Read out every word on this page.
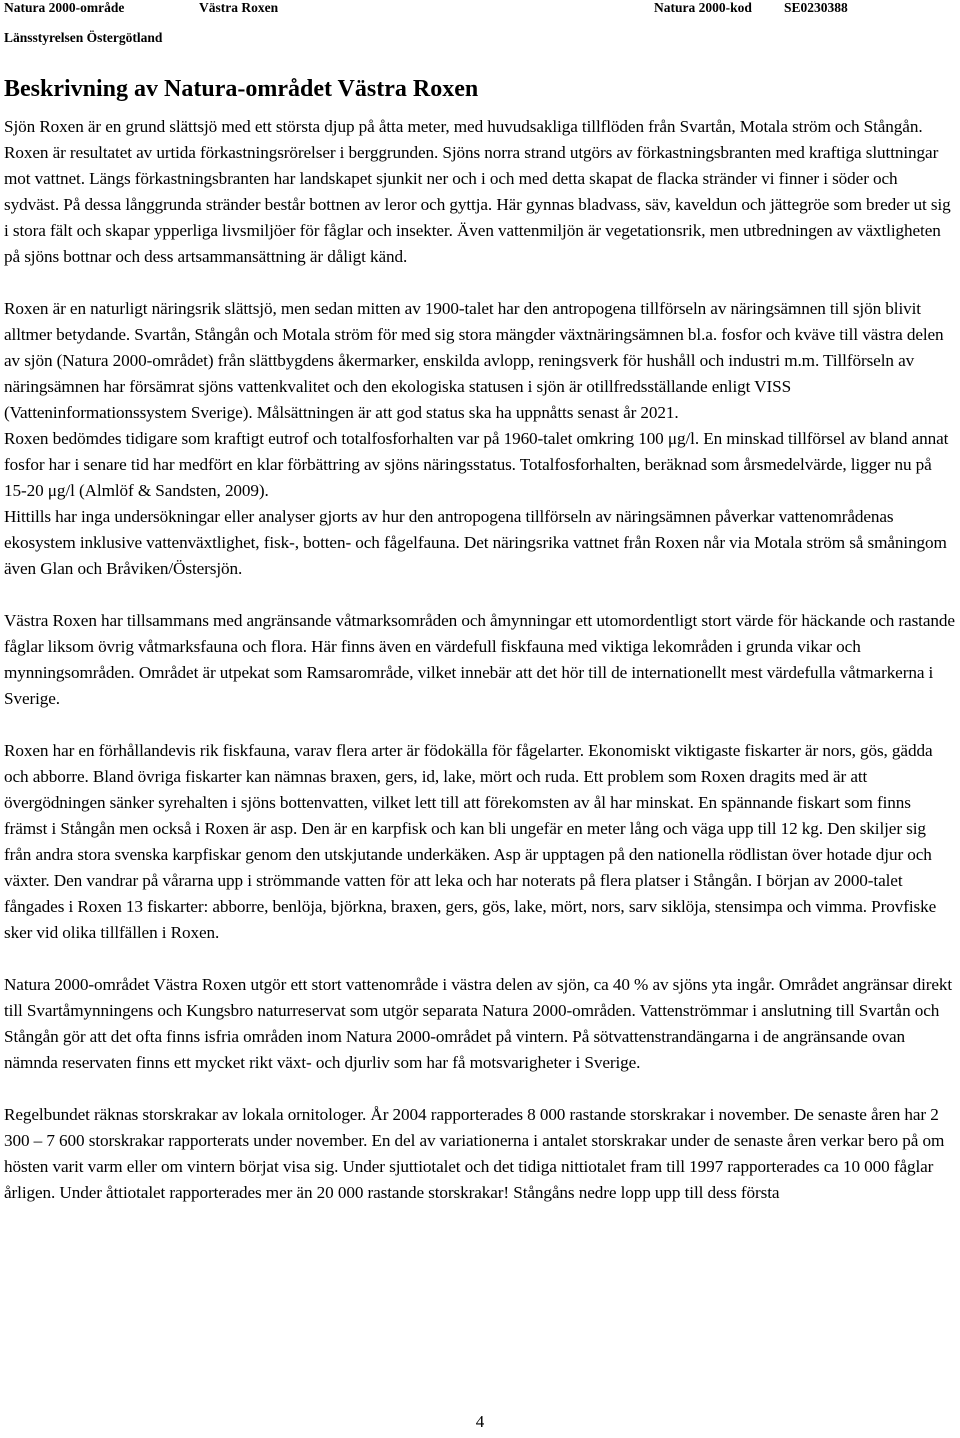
Natura 2000-område	Västra Roxen	Natura 2000-kod SE0230388
Länsstyrelsen Östergötland
Beskrivning av Natura-området Västra Roxen

Sjön Roxen är en grund slättsjö med ett största djup på åtta meter, med huvudsakliga tillflöden från Svartån, Motala ström och Stångån. Roxen är resultatet av urtida förkastningsrörelser i berggrunden. Sjöns norra strand utgörs av förkastningsbranten med kraftiga sluttningar mot vattnet. Längs förkastningsbranten har landskapet sjunkit ner och i och med detta skapat de flacka stränder vi finner i söder och sydväst. På dessa långgrunda stränder består bottnen av leror och gyttja. Här gynnas bladvass, säv, kaveldun och jättegröe som breder ut sig i stora fält och skapar ypperliga livsmiljöer för fåglar och insekter. Även vattenmiljön är vegetationsrik, men utbredningen av växtligheten på sjöns bottnar och dess artsammansättning är dåligt känd.

Roxen är en naturligt näringsrik slättsjö, men sedan mitten av 1900-talet har den antropogena tillförseln av näringsämnen till sjön blivit alltmer betydande. Svartån, Stångån och Motala ström för med sig stora mängder växtnäringsämnen bl.a. fosfor och kväve till västra delen av sjön (Natura 2000-området) från slättbygdens åkermarker, enskilda avlopp, reningsverk för hushåll och industri m.m. Tillförseln av näringsämnen har försämrat sjöns vattenkvalitet och den ekologiska statusen i sjön är otillfredsställande enligt VISS (Vatteninformationssystem Sverige). Målsättningen är att god status ska ha uppnåtts senast år 2021.

Roxen bedömdes tidigare som kraftigt eutrof och totalfosforhalten var på 1960-talet omkring 100 μg/l. En minskad tillförsel av bland annat fosfor har i senare tid har medfört en klar förbättring av sjöns näringsstatus. Totalfosforhalten, beräknad som årsmedelvärde, ligger nu på 15-20 μg/l (Almlöf & Sandsten, 2009).

Hittills har inga undersökningar eller analyser gjorts av hur den antropogena tillförseln av näringsämnen påverkar vattenområdenas ekosystem inklusive vattenväxtlighet, fisk-, botten- och fågelfauna. Det näringsrika vattnet från Roxen når via Motala ström så småningom även Glan och Bråviken/Östersjön.

Västra Roxen har tillsammans med angränsande våtmarksområden och åmynningar ett utomordentligt stort värde för häckande och rastande fåglar liksom övrig våtmarksfauna och flora. Här finns även en värdefull fiskfauna med viktiga lekområden i grunda vikar och mynningsområden. Området är utpekat som Ramsarområde, vilket innebär att det hör till de internationellt mest värdefulla våtmarkerna i Sverige.

Roxen har en förhållandevis rik fiskfauna, varav flera arter är födokälla för fågelarter. Ekonomiskt viktigaste fiskarter är nors, gös, gädda och abborre. Bland övriga fiskarter kan nämnas braxen, gers, id, lake, mört och ruda. Ett problem som Roxen dragits med är att övergödningen sänker syrehalten i sjöns bottenvatten, vilket lett till att förekomsten av ål har minskat. En spännande fiskart som finns främst i Stångån men också i Roxen är asp. Den är en karpfisk och kan bli ungefär en meter lång och väga upp till 12 kg. Den skiljer sig från andra stora svenska karpfiskar genom den utskjutande underkäken. Asp är upptagen på den nationella rödlistan över hotade djur och växter. Den vandrar på vårarna upp i strömmande vatten för att leka och har noterats på flera platser i Stångån. I början av 2000-talet fångades i Roxen 13 fiskarter: abborre, benlöja, björkna, braxen, gers, gös, lake, mört, nors, sarv siklöja, stensimpa och vimma. Provfiske sker vid olika tillfällen i Roxen.

Natura 2000-området Västra Roxen utgör ett stort vattenområde i västra delen av sjön, ca 40 % av sjöns yta ingår. Området angränsar direkt till Svartåmynningens och Kungsbro naturreservat som utgör separata Natura 2000-områden. Vattenströmmar i anslutning till Svartån och Stångån gör att det ofta finns isfria områden inom Natura 2000-området på vintern. På sötvattenstrandängarna i de angränsande ovan nämnda reservaten finns ett mycket rikt växt- och djurliv som har få motsvarigheter i Sverige.

Regelbundet räknas storskrakar av lokala ornitologer. År 2004 rapporterades 8 000 rastande storskrakar i november. De senaste åren har 2 300 – 7 600 storskrakar rapporterats under november. En del av variationerna i antalet storskrakar under de senaste åren verkar bero på om hösten varit varm eller om vintern börjat visa sig. Under sjuttiotalet och det tidiga nittiotalet fram till 1997 rapporterades ca 10 000 fåglar årligen. Under åttiotalet rapporterades mer än 20 000 rastande storskrakar! Stångåns nedre lopp upp till dess första

4
